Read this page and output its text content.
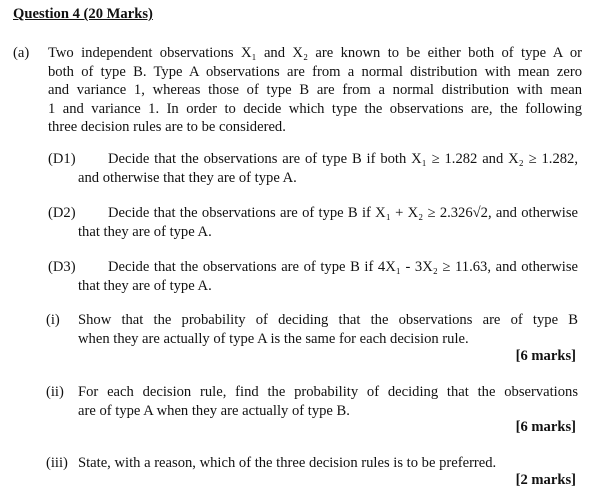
Question 4 (20 Marks)
(a) Two independent observations X₁ and X₂ are known to be either both of type A or
both of type B. Type A observations are from a normal distribution with mean zero
and variance 1, whereas those of type B are from a normal distribution with mean
1 and variance 1. In order to decide which type the observations are, the following
three decision rules are to be considered.
(D1)	Decide that the observations are of type B if both X₁ ≥ 1.282 and X₂ ≥ 1.282,
and otherwise that they are of type A.
(D2)	Decide that the observations are of type B if X₁ + X₂ ≥ 2.326√2, and otherwise
that they are of type A.
(D3)	Decide that the observations are of type B if 4X₁ - 3X₂ ≥ 11.63, and otherwise
that they are of type A.
(i) Show that the probability of deciding that the observations are of type B
when they are actually of type A is the same for each decision rule.
[6 marks]
(ii) For each decision rule, find the probability of deciding that the observations
are of type A when they are actually of type B.
[6 marks]
(iii) State, with a reason, which of the three decision rules is to be preferred.
[2 marks]
